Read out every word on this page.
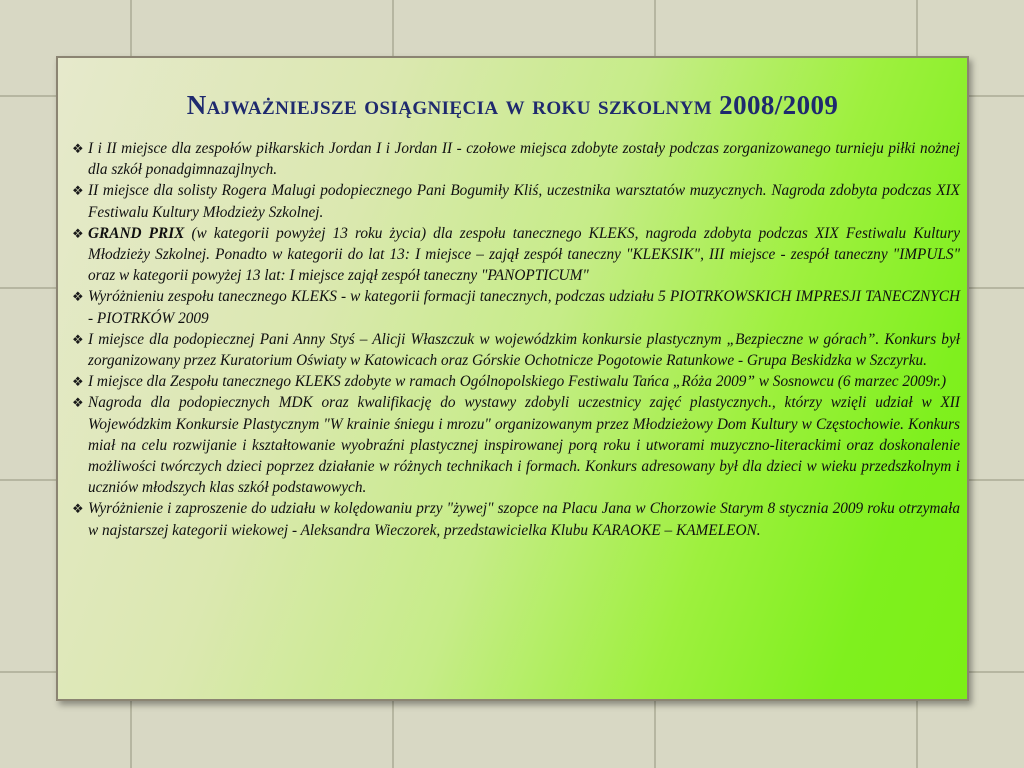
Najważniejsze osiągnięcia w roku szkolnym 2008/2009
❖ I i II miejsce dla zespołów piłkarskich Jordan I i Jordan II - czołowe miejsca zdobyte zostały podczas zorganizowanego turnieju piłki nożnej dla szkół ponadgimnazajlnych.
❖ II miejsce dla solisty Rogera Malugi podopiecznego Pani Bogumiły Kliś, uczestnika warsztatów muzycznych. Nagroda zdobyta podczas XIX Festiwalu Kultury Młodzieży Szkolnej.
❖ GRAND PRIX (w kategorii powyżej 13 roku życia) dla zespołu tanecznego KLEKS, nagroda zdobyta podczas XIX Festiwalu Kultury Młodzieży Szkolnej. Ponadto w kategorii do lat 13: I miejsce – zajął zespół taneczny "KLEKSIK", III miejsce - zespół taneczny "IMPULS" oraz w kategorii powyżej 13 lat: I miejsce zajął zespół taneczny "PANOPTICUM"
❖ Wyróżnieniu zespołu tanecznego KLEKS - w kategorii formacji tanecznych, podczas udziału 5 PIOTRKOWSKICH IMPRESJI TANECZNYCH - PIOTRKÓW 2009
❖ I miejsce dla podopiecznej Pani Anny Styś – Alicji Właszczuk w wojewódzkim konkursie plastycznym „Bezpieczne w górach”. Konkurs był zorganizowany przez Kuratorium Oświaty w Katowicach oraz Górskie Ochotnicze Pogotowie Ratunkowe - Grupa Beskidzka w Szczyrku.
❖ I miejsce dla Zespołu tanecznego KLEKS zdobyte w ramach Ogólnopolskiego Festiwalu Tańca „Róża 2009” w Sosnowcu (6 marzec 2009r.)
❖ Nagroda dla podopiecznych MDK oraz kwalifikację do wystawy zdobyli uczestnicy zajęć plastycznych., którzy wzięli udział w XII Wojewódzkim Konkursie Plastycznym "W krainie śniegu i mrozu" organizowanym przez Młodzieżowy Dom Kultury w Częstochowie. Konkurs miał na celu rozwijanie i kształtowanie wyobraźni plastycznej inspirowanej porą roku i utworami muzyczno-literackimi oraz doskonalenie możliwości twórczych dzieci poprzez działanie w różnych technikach i formach. Konkurs adresowany był dla dzieci w wieku przedszkolnym i uczniów młodszych klas szkół podstawowych.
❖ Wyróżnienie i zaproszenie do udziału w kolędowaniu przy "żywej" szopce na Placu Jana w Chorzowie Starym 8 stycznia 2009 roku otrzymała w najstarszej kategorii wiekowej - Aleksandra Wieczorek, przedstawicielka Klubu KARAOKE – KAMELEON.
